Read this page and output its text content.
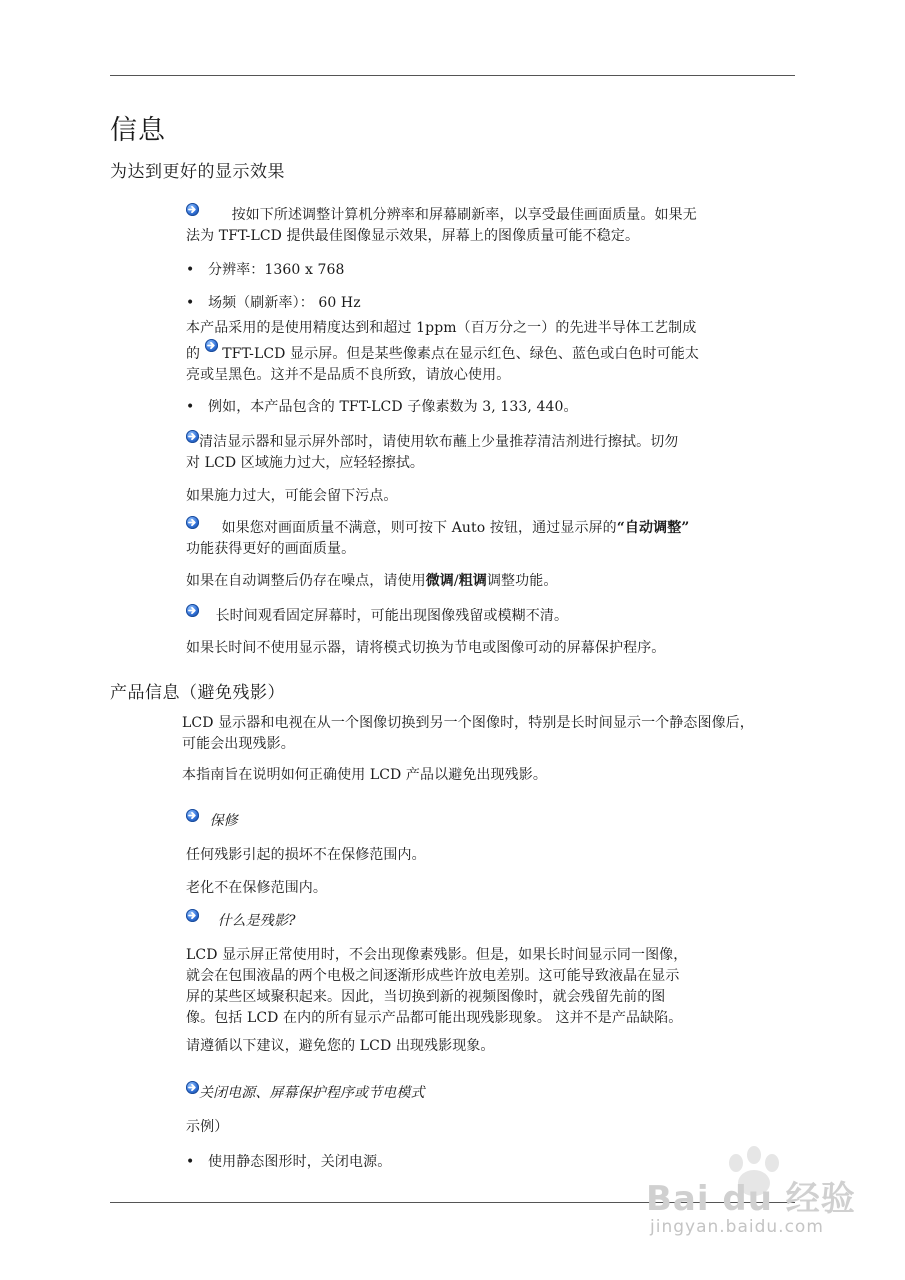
信息
为达到更好的显示效果
按如下所述调整计算机分辨率和屏幕刷新率，以享受最佳画面质量。如果无
法为 TFT-LCD 提供最佳图像显示效果，屏幕上的图像质量可能不稳定。
• 分辨率：1360 x 768
• 场频（刷新率）： 60 Hz
本产品采用的是使用精度达到和超过 1ppm（百万分之一）的先进半导体工艺制成
的 TFT-LCD 显示屏。但是某些像素点在显示红色、绿色、蓝色或白色时可能太
亮或呈黑色。这并不是品质不良所致，请放心使用。
• 例如，本产品包含的 TFT-LCD 子像素数为 3, 133, 440。
清洁显示器和显示屏外部时，请使用软布蘸上少量推荐清洁剂进行擦拭。切勿
对 LCD 区域施力过大，应轻轻擦拭。
如果施力过大，可能会留下污点。
如果您对画面质量不满意，则可按下 Auto 按钮，通过显示屏的“自动调整”
功能获得更好的画面质量。
如果在自动调整后仍存在噪点，请使用微调/粗调调整功能。
长时间观看固定屏幕时，可能出现图像残留或模糊不清。
如果长时间不使用显示器，请将模式切换为节电或图像可动的屏幕保护程序。
产品信息（避免残影）
LCD 显示器和电视在从一个图像切换到另一个图像时，特别是长时间显示一个静态图像后，
可能会出现残影。
本指南旨在说明如何正确使用 LCD 产品以避免出现残影。
保修
任何残影引起的损坏不在保修范围内。
老化不在保修范围内。
什么是残影?
LCD 显示屏正常使用时，不会出现像素残影。但是，如果长时间显示同一图像，
就会在包围液晶的两个电极之间逐渐形成些许放电差别。这可能导致液晶在显示
屏的某些区域聚积起来。因此，当切换到新的视频图像时，就会残留先前的图
像。包括 LCD 在内的所有显示产品都可能出现残影现象。 这并不是产品缺陷。
请遵循以下建议，避免您的 LCD 出现残影现象。
关闭电源、屏幕保护程序或节电模式
示例）
• 使用静态图形时，关闭电源。
Bai du 经验
jingyan.baidu.com
